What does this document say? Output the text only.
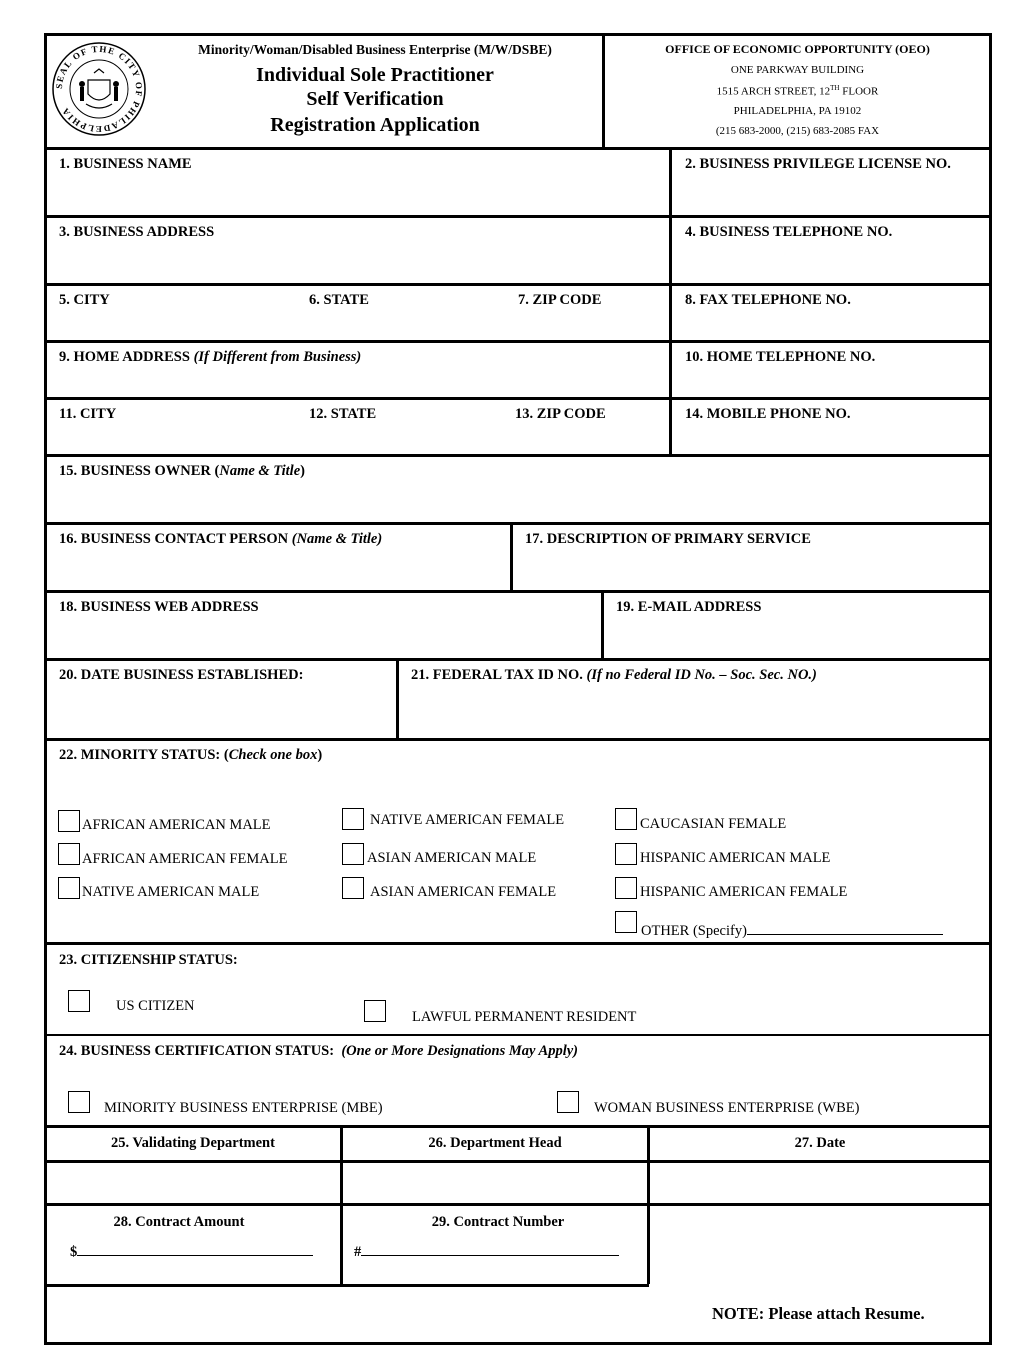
SEAL OF THE CITY OF PHILADELPHIA
Minority/Woman/Disabled Business Enterprise (M/W/DSBE)
Individual Sole Practitioner
Self Verification
Registration Application
OFFICE OF ECONOMIC OPPORTUNITY (OEO)
ONE PARKWAY BUILDING
1515 ARCH STREET, 12TH FLOOR
PHILADELPHIA, PA 19102
(215 683-2000, (215) 683-2085 FAX
1. BUSINESS NAME	2. BUSINESS PRIVILEGE LICENSE NO.
3. BUSINESS ADDRESS	4. BUSINESS TELEPHONE NO.
5. CITY	6. STATE	7. ZIP CODE	8. FAX TELEPHONE NO.
9. HOME ADDRESS (If Different from Business)	10. HOME TELEPHONE NO.
11. CITY	12. STATE	13. ZIP CODE	14. MOBILE PHONE NO.
15. BUSINESS OWNER (Name & Title)
16. BUSINESS CONTACT PERSON (Name & Title)	17. DESCRIPTION OF PRIMARY SERVICE
18. BUSINESS WEB ADDRESS	19. E-MAIL ADDRESS
20. DATE BUSINESS ESTABLISHED:	21. FEDERAL TAX ID NO. (If no Federal ID No. – Soc. Sec. NO.)
22. MINORITY STATUS: (Check one box)
AFRICAN AMERICAN MALE
AFRICAN AMERICAN FEMALE
NATIVE AMERICAN MALE
NATIVE AMERICAN FEMALE
ASIAN AMERICAN MALE
ASIAN AMERICAN FEMALE
CAUCASIAN FEMALE
HISPANIC AMERICAN MALE
HISPANIC AMERICAN FEMALE
OTHER (Specify)
23. CITIZENSHIP STATUS:
US CITIZEN
LAWFUL PERMANENT RESIDENT
24. BUSINESS CERTIFICATION STATUS: (One or More Designations May Apply)
MINORITY BUSINESS ENTERPRISE (MBE)	WOMAN BUSINESS ENTERPRISE (WBE)
25. Validating Department	26. Department Head	27. Date
28. Contract Amount
$
29. Contract Number
#
NOTE: Please attach Resume.
